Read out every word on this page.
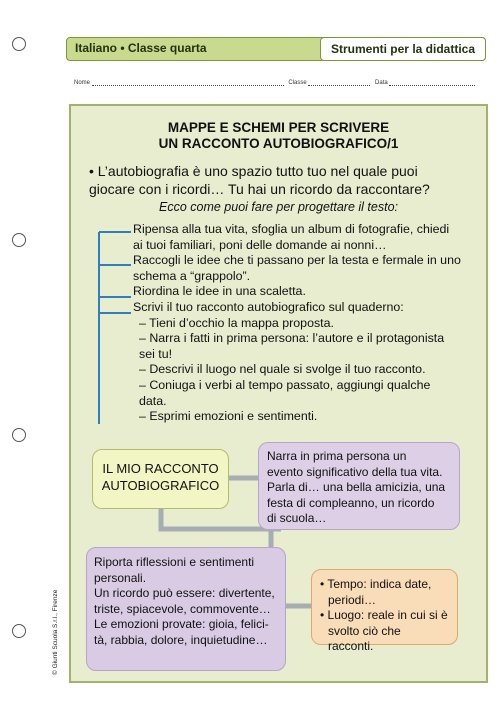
Italiano • Classe quarta	Strumenti per la didattica
Nome	Classe	Data
MAPPE E SCHEMI PER SCRIVERE
UN RACCONTO AUTOBIOGRAFICO/1
• L’autobiografia è uno spazio tutto tuo nel quale puoi
giocare con i ricordi… Tu hai un ricordo da raccontare?
Ecco come puoi fare per progettare il testo:

Ripensa alla tua vita, sfoglia un album di fotografie, chiedi

ai tuoi familiari, poni delle domande ai nonni…

Raccogli le idee che ti passano per la testa e fermale in uno

schema a “grappolo”.

Riordina le idee in una scaletta.

Scrivi il tuo racconto autobiografico sul quaderno:

– Tieni d’occhio la mappa proposta.

– Narra i fatti in prima persona: l’autore e il protagonista

sei tu!

– Descrivi il luogo nel quale si svolge il tuo racconto.

– Coniuga i verbi al tempo passato, aggiungi qualche

data.

– Esprimi emozioni e sentimenti.

IL MIO RACCONTO
AUTOBIOGRAFICO
Narra in prima persona un
evento significativo della tua vita.
Parla di… una bella amicizia, una
festa di compleanno, un ricordo
di scuola…
Riporta riflessioni e sentimenti
personali.
Un ricordo può essere: divertente,
triste, spiacevole, commovente…
Le emozioni provate: gioia, felici-
tà, rabbia, dolore, inquietudine…

• Tempo: indica date,

periodi…

• Luogo: reale in cui si è

svolto ciò che racconti.

© Giunti Scuola S.r.l., Firenze
